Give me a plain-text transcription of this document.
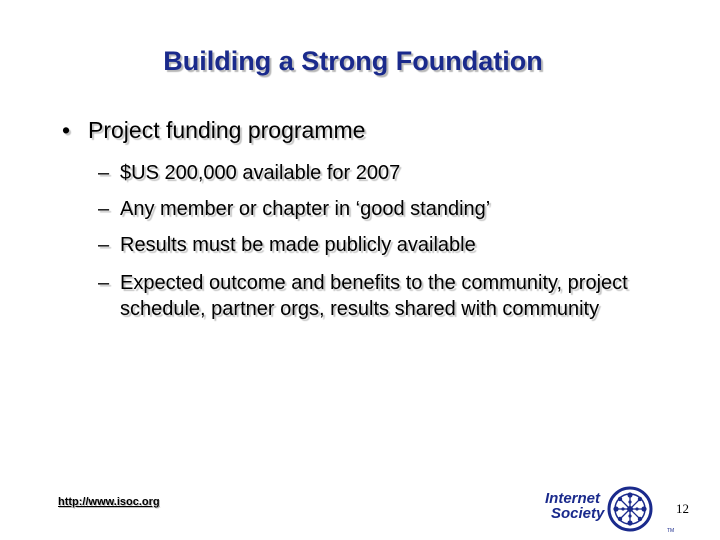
Building a Strong Foundation
• Project funding programme
– $US 200,000 available for 2007
– Any member or chapter in ‘good standing’
– Results must be made publicly available
– Expected outcome and benefits to the community, project schedule, partner orgs, results shared with community
http://www.isoc.org	Internet
Society
TM
12
